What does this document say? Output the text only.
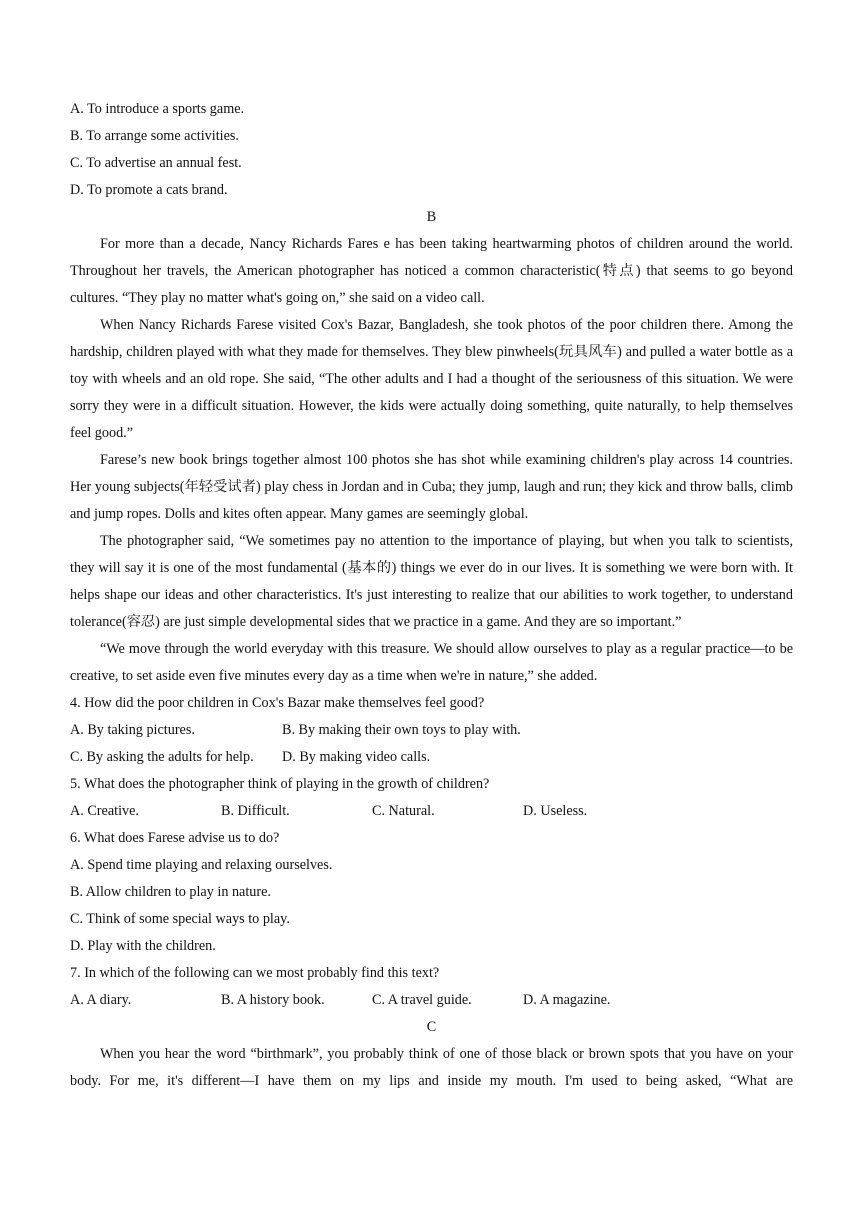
A. To introduce a sports game.
B. To arrange some activities.
C. To advertise an annual fest.
D. To promote a cats brand.
B

For more than a decade, Nancy Richards Fares e has been taking heartwarming photos of children around the world. Throughout her travels, the American photographer has noticed a common characteristic(特点) that seems to go beyond cultures. “They play no matter what's going on,” she said on a video call.

When Nancy Richards Farese visited Cox's Bazar, Bangladesh, she took photos of the poor children there. Among the hardship, children played with what they made for themselves. They blew pinwheels(玩具风车) and pulled a water bottle as a toy with wheels and an old rope. She said, “The other adults and I had a thought of the seriousness of this situation. We were sorry they were in a difficult situation. However, the kids were actually doing something, quite naturally, to help themselves feel good.”

Farese’s new book brings together almost 100 photos she has shot while examining children's play across 14 countries. Her young subjects(年轻受试者) play chess in Jordan and in Cuba; they jump, laugh and run; they kick and throw balls, climb and jump ropes. Dolls and kites often appear. Many games are seemingly global.

The photographer said, “We sometimes pay no attention to the importance of playing, but when you talk to scientists, they will say it is one of the most fundamental (基本的) things we ever do in our lives. It is something we were born with. It helps shape our ideas and other characteristics. It's just interesting to realize that our abilities to work together, to understand tolerance(容忍) are just simple developmental sides that we practice in a game. And they are so important.”

“We move through the world everyday with this treasure. We should allow ourselves to play as a regular practice—to be creative, to set aside even five minutes every day as a time when we're in nature,” she added.

4. How did the poor children in Cox's Bazar make themselves feel good?
A. By taking pictures.	B. By making their own toys to play with.
C. By asking the adults for help.	D. By making video calls.
5. What does the photographer think of playing in the growth of children?
A. Creative.	B. Difficult.	C. Natural.	D. Useless.
6. What does Farese advise us to do?
A. Spend time playing and relaxing ourselves.
B. Allow children to play in nature.
C. Think of some special ways to play.
D. Play with the children.
7. In which of the following can we most probably find this text?
A. A diary.	B. A history book.	C. A travel guide.	D. A magazine.
C

When you hear the word “birthmark”, you probably think of one of those black or brown spots that you have on your body. For me, it's different—I have them on my lips and inside my mouth. I'm used to being asked, “What are
